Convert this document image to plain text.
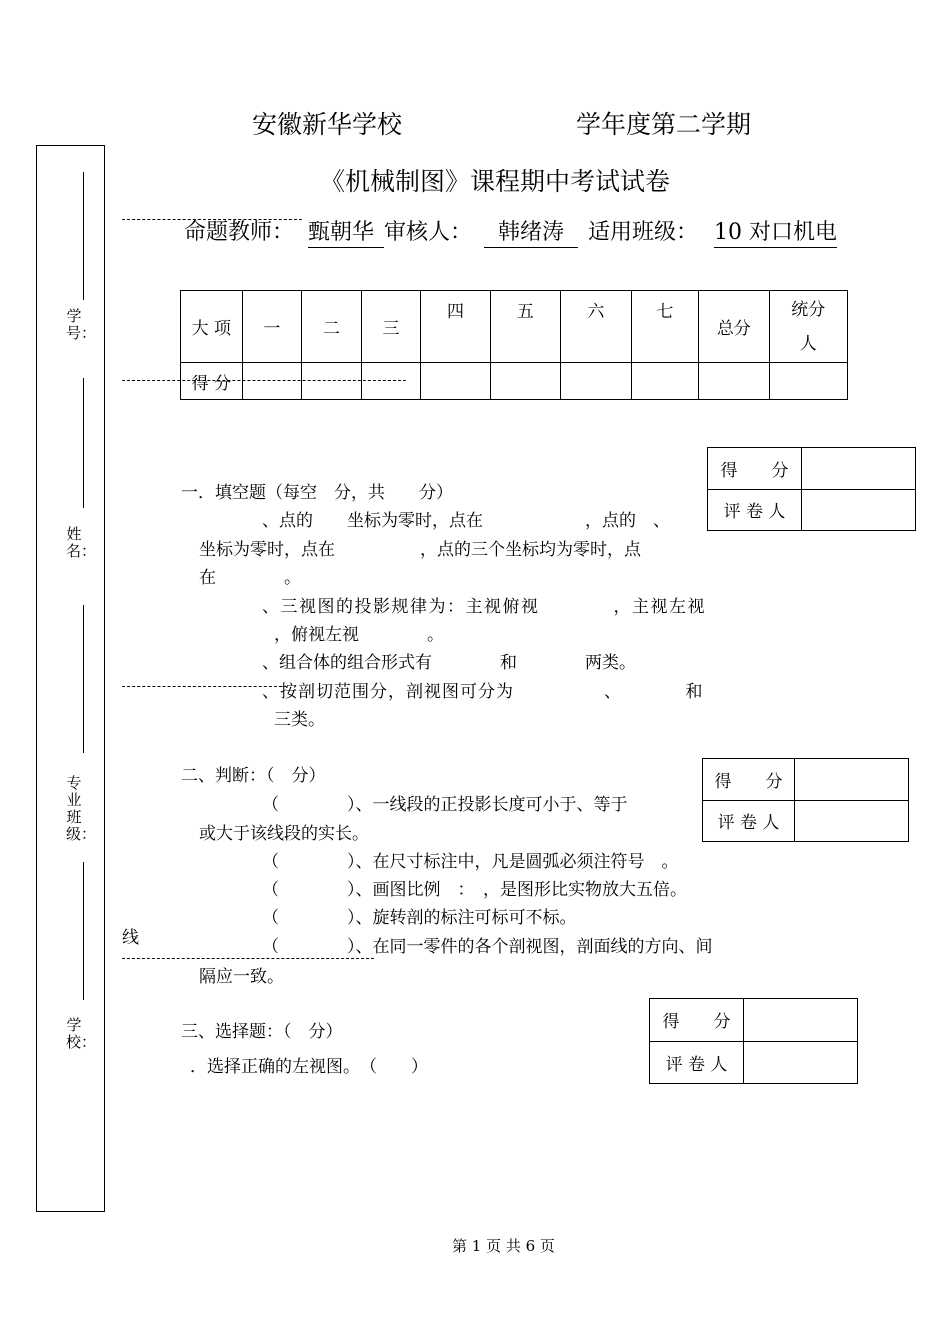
学号：
姓名：
专业班级：
学校：
安徽新华学校	学年度第二学期
《机械制图》课程期中考试试卷
命题教师： 甄朝华 审核人：	韩绪涛	适用班级： 10 对口机电
大 项	一	二	三	四	五	六	七	总分	统分
人

得 分									
得　　分	
评 卷 人	
一．填空题（每空　分，共　　分）
、点的　　坐标为零时，点在　　　　　　，点的　、
坐标为零时，点在　　　　　，点的三个坐标均为零时，点
在　　　　。
、三视图的投影规律为：主视俯视　　　　，主视左视
，俯视左视　　　　。
、组合体的组合形式有　　　　和　　　　两类。
、按剖切范围分，剖视图可分为　　　　　、　　　　和
三类。
得　　分	
评 卷 人	
二、判断：（　分）
（　　　　）、一线段的正投影长度可小于、等于
或大于该线段的实长。
（　　　　）、在尺寸标注中，凡是圆弧必须注符号　。
（　　　　）、画图比例　：　，是图形比实物放大五倍。
（　　　　）、旋转剖的标注可标可不标。
线	（　　　　）、在同一零件的各个剖视图，剖面线的方向、间
隔应一致。
得　　分	
评 卷 人	
三、选择题：（　分）
．选择正确的左视图。　（　　）
第 1 页 共 6 页
